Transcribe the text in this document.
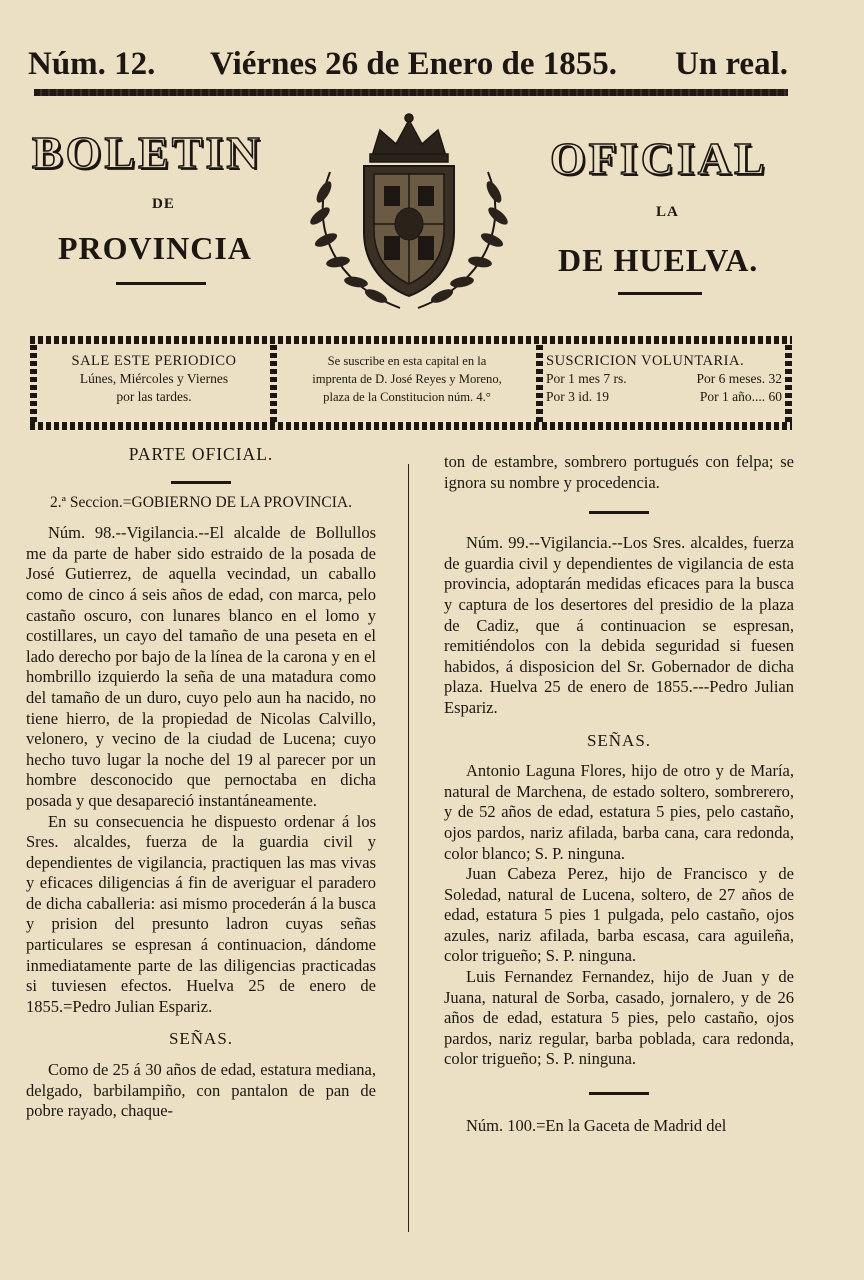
Núm. 12. Viérnes 26 de Enero de 1855. Un real.
BOLETIN	OFICIAL
DE	LA
PROVINCIA	DE HUELVA.
SALE ESTE PERIODICO
Lúnes, Miércoles y Viernes
por las tardes.
Se suscribe en esta capital en la
imprenta de D. José Reyes y Moreno,
plaza de la Constitucion núm. 4.°
SUSCRICION VOLUNTARIA.
Por 1 mes 7 rs.	Por 6 meses. 32
Por 3 id. 19	Por 1 año.... 60
PARTE OFICIAL.
2.ª Seccion.=GOBIERNO DE LA PROVINCIA.

Núm. 98.--Vigilancia.--El alcalde de Bollullos me da parte de haber sido estraido de la posada de José Gutierrez, de aquella vecindad, un caballo como de cinco á seis años de edad, con marca, pelo castaño oscuro, con lunares blanco en el lomo y costillares, un cayo del tamaño de una peseta en el lado derecho por bajo de la línea de la carona y en el hombrillo izquierdo la seña de una matadura como del tamaño de un duro, cuyo pelo aun ha nacido, no tiene hierro, de la propiedad de Nicolas Calvillo, velonero, y vecino de la ciudad de Lucena; cuyo hecho tuvo lugar la noche del 19 al parecer por un hombre desconocido que pernoctaba en dicha posada y que desapareció instantáneamente.

En su consecuencia he dispuesto ordenar á los Sres. alcaldes, fuerza de la guardia civil y dependientes de vigilancia, practiquen las mas vivas y eficaces diligencias á fin de averiguar el paradero de dicha caballeria: asi mismo procederán á la busca y prision del presunto ladron cuyas señas particulares se espresan á continuacion, dándome inmediatamente parte de las diligencias practicadas si tuviesen efectos. Huelva 25 de enero de 1855.=Pedro Julian Espariz.

SEÑAS.

Como de 25 á 30 años de edad, estatura mediana, delgado, barbilampiño, con pantalon de pan de pobre rayado, chaque-

ton de estambre, sombrero portugués con felpa; se ignora su nombre y procedencia.

Núm. 99.--Vigilancia.--Los Sres. alcaldes, fuerza de guardia civil y dependientes de vigilancia de esta provincia, adoptarán medidas eficaces para la busca y captura de los desertores del presidio de la plaza de Cadiz, que á continuacion se espresan, remitiéndolos con la debida seguridad si fuesen habidos, á disposicion del Sr. Gobernador de dicha plaza. Huelva 25 de enero de 1855.---Pedro Julian Espariz.

SEÑAS.

Antonio Laguna Flores, hijo de otro y de María, natural de Marchena, de estado soltero, sombrerero, y de 52 años de edad, estatura 5 pies, pelo castaño, ojos pardos, nariz afilada, barba cana, cara redonda, color blanco; S. P. ninguna.

Juan Cabeza Perez, hijo de Francisco y de Soledad, natural de Lucena, soltero, de 27 años de edad, estatura 5 pies 1 pulgada, pelo castaño, ojos azules, nariz afilada, barba escasa, cara aguileña, color trigueño; S. P. ninguna.

Luis Fernandez Fernandez, hijo de Juan y de Juana, natural de Sorba, casado, jornalero, y de 26 años de edad, estatura 5 pies, pelo castaño, ojos pardos, nariz regular, barba poblada, cara redonda, color trigueño; S. P. ninguna.

Núm. 100.=En la Gaceta de Madrid del
